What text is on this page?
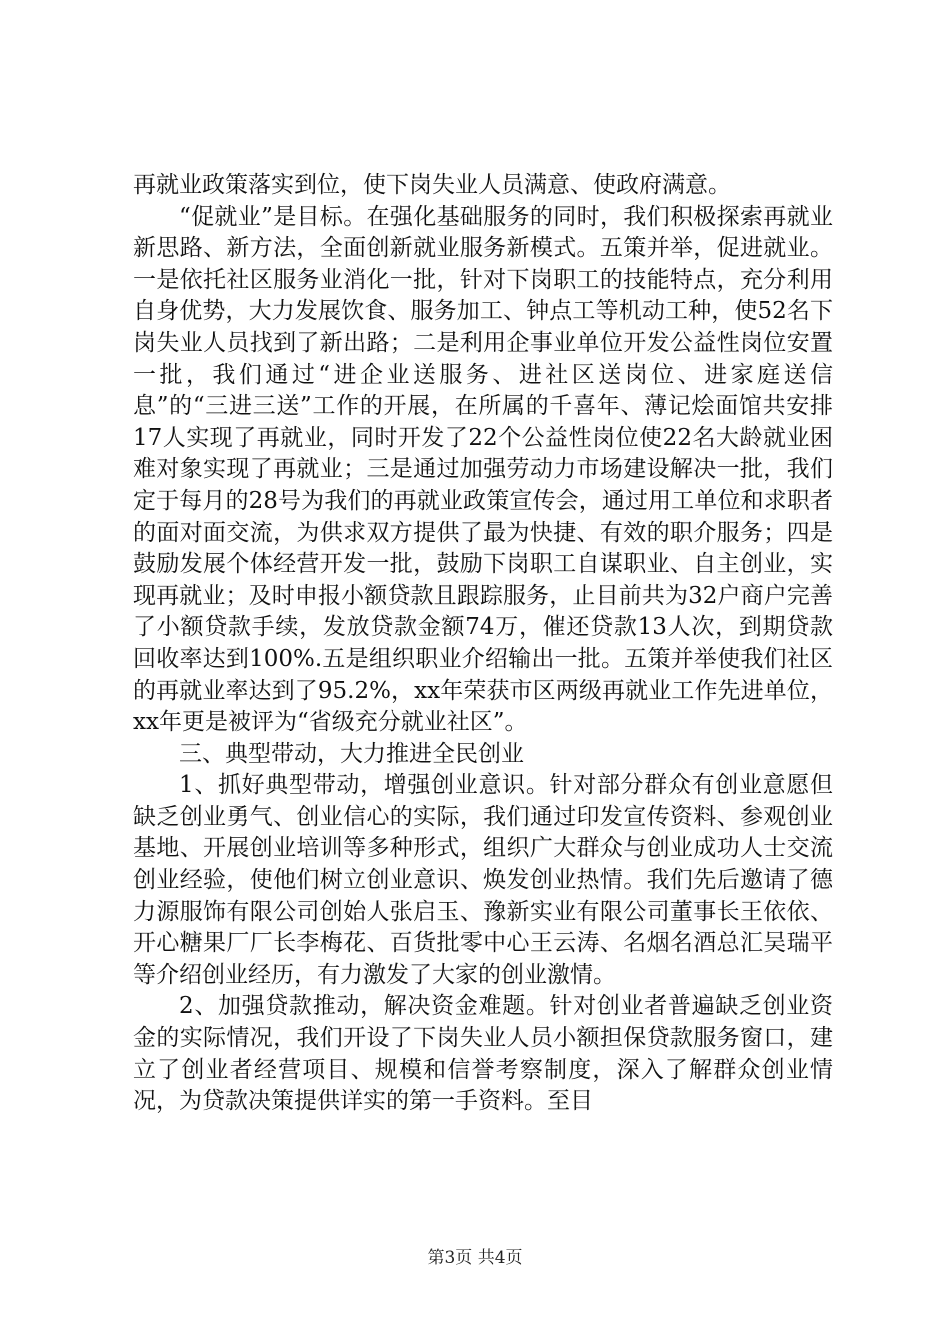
再就业政策落实到位，使下岗失业人员满意、使政府满意。

“促就业”是目标。在强化基础服务的同时，我们积极探索再就业新思路、新方法，全面创新就业服务新模式。五策并举，促进就业。一是依托社区服务业消化一批，针对下岗职工的技能特点，充分利用自身优势，大力发展饮食、服务加工、钟点工等机动工种，使52名下岗失业人员找到了新出路；二是利用企事业单位开发公益性岗位安置一批，我们通过“进企业送服务、进社区送岗位、进家庭送信息”的“三进三送”工作的开展，在所属的千喜年、薄记烩面馆共安排17人实现了再就业，同时开发了22个公益性岗位使22名大龄就业困难对象实现了再就业；三是通过加强劳动力市场建设解决一批，我们定于每月的28号为我们的再就业政策宣传会，通过用工单位和求职者的面对面交流，为供求双方提供了最为快捷、有效的职介服务；四是鼓励发展个体经营开发一批，鼓励下岗职工自谋职业、自主创业，实现再就业；及时申报小额贷款且跟踪服务，止目前共为32户商户完善了小额贷款手续，发放贷款金额74万，催还贷款13人次，到期贷款回收率达到100%.五是组织职业介绍输出一批。五策并举使我们社区的再就业率达到了95.2%，xx年荣获市区两级再就业工作先进单位，xx年更是被评为“省级充分就业社区”。

三、典型带动，大力推进全民创业

1、抓好典型带动，增强创业意识。针对部分群众有创业意愿但缺乏创业勇气、创业信心的实际，我们通过印发宣传资料、参观创业基地、开展创业培训等多种形式，组织广大群众与创业成功人士交流创业经验，使他们树立创业意识、焕发创业热情。我们先后邀请了德力源服饰有限公司创始人张启玉、豫新实业有限公司董事长王依依、开心糖果厂厂长李梅花、百货批零中心王云涛、名烟名酒总汇吴瑞平等介绍创业经历，有力激发了大家的创业激情。

2、加强贷款推动，解决资金难题。针对创业者普遍缺乏创业资金的实际情况，我们开设了下岗失业人员小额担保贷款服务窗口，建立了创业者经营项目、规模和信誉考察制度，深入了解群众创业情况，为贷款决策提供详实的第一手资料。至目

第3页 共4页
